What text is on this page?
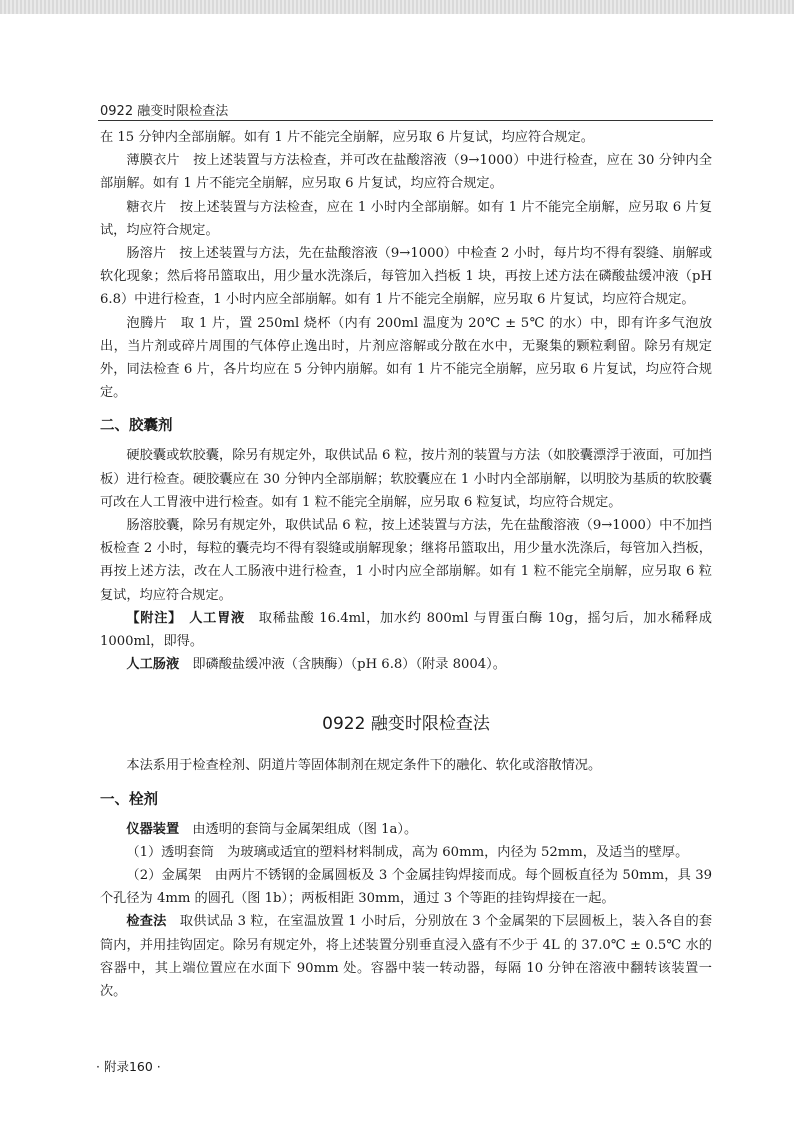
0922 融变时限检查法

在 15 分钟内全部崩解。如有 1 片不能完全崩解，应另取 6 片复试，均应符合规定。

薄膜衣片　按上述装置与方法检查，并可改在盐酸溶液（9→1000）中进行检查，应在 30 分钟内全部崩解。如有 1 片不能完全崩解，应另取 6 片复试，均应符合规定。

糖衣片　按上述装置与方法检查，应在 1 小时内全部崩解。如有 1 片不能完全崩解，应另取 6 片复试，均应符合规定。

肠溶片　按上述装置与方法，先在盐酸溶液（9→1000）中检查 2 小时，每片均不得有裂缝、崩解或软化现象；然后将吊篮取出，用少量水洗涤后，每管加入挡板 1 块，再按上述方法在磷酸盐缓冲液（pH 6.8）中进行检查，1 小时内应全部崩解。如有 1 片不能完全崩解，应另取 6 片复试，均应符合规定。

泡腾片　取 1 片，置 250ml 烧杯（内有 200ml 温度为 20℃ ± 5℃ 的水）中，即有许多气泡放出，当片剂或碎片周围的气体停止逸出时，片剂应溶解或分散在水中，无聚集的颗粒剩留。除另有规定外，同法检查 6 片，各片均应在 5 分钟内崩解。如有 1 片不能完全崩解，应另取 6 片复试，均应符合规定。

二、胶囊剂

硬胶囊或软胶囊，除另有规定外，取供试品 6 粒，按片剂的装置与方法（如胶囊漂浮于液面，可加挡板）进行检查。硬胶囊应在 30 分钟内全部崩解；软胶囊应在 1 小时内全部崩解，以明胶为基质的软胶囊可改在人工胃液中进行检查。如有 1 粒不能完全崩解，应另取 6 粒复试，均应符合规定。

肠溶胶囊，除另有规定外，取供试品 6 粒，按上述装置与方法，先在盐酸溶液（9→1000）中不加挡板检查 2 小时，每粒的囊壳均不得有裂缝或崩解现象；继将吊篮取出，用少量水洗涤后，每管加入挡板，再按上述方法，改在人工肠液中进行检查，1 小时内应全部崩解。如有 1 粒不能完全崩解，应另取 6 粒复试，均应符合规定。

【附注】　人工胃液　取稀盐酸 16.4ml，加水约 800ml 与胃蛋白酶 10g，摇匀后，加水稀释成 1000ml，即得。

人工肠液　即磷酸盐缓冲液（含胰酶）（pH 6.8）（附录 8004）。

0922 融变时限检查法

本法系用于检查栓剂、阴道片等固体制剂在规定条件下的融化、软化或溶散情况。

一、栓剂

仪器装置　由透明的套筒与金属架组成（图 1a）。

（1）透明套筒　为玻璃或适宜的塑料材料制成，高为 60mm，内径为 52mm，及适当的壁厚。

（2）金属架　由两片不锈钢的金属圆板及 3 个金属挂钩焊接而成。每个圆板直径为 50mm，具 39 个孔径为 4mm 的圆孔（图 1b）；两板相距 30mm，通过 3 个等距的挂钩焊接在一起。

检查法　取供试品 3 粒，在室温放置 1 小时后，分别放在 3 个金属架的下层圆板上，装入各自的套筒内，并用挂钩固定。除另有规定外，将上述装置分别垂直浸入盛有不少于 4L 的 37.0℃ ± 0.5℃ 水的容器中，其上端位置应在水面下 90mm 处。容器中装一转动器，每隔 10 分钟在溶液中翻转该装置一次。

· 附录160 ·
